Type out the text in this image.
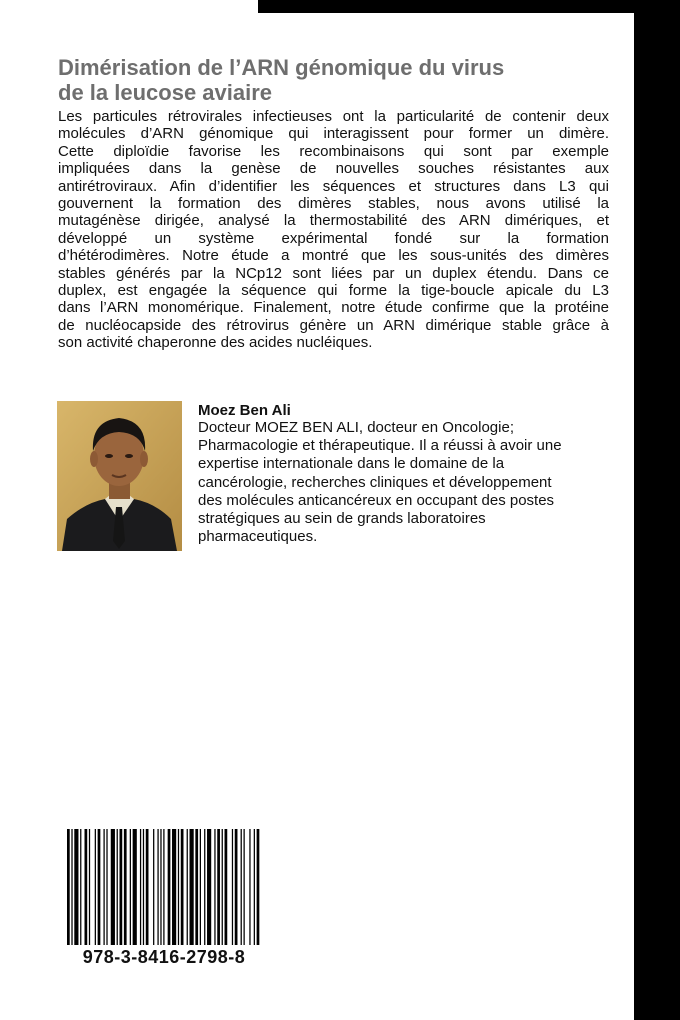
Dimérisation de l’ARN génomique du virus
de la leucose aviaire
Les particules rétrovirales infectieuses ont la particularité de contenir deux
molécules d’ARN génomique qui interagissent pour former un dimère.
Cette diploïdie favorise les recombinaisons qui sont par exemple
impliquées dans la genèse de nouvelles souches résistantes aux
antirétroviraux. Afin d’identifier les séquences et structures dans L3 qui
gouvernent la formation des dimères stables, nous avons utilisé la
mutagénèse dirigée, analysé la thermostabilité des ARN dimériques, et
développé un système expérimental fondé sur la formation
d’hétérodimères. Notre étude a montré que les sous-unités des dimères
stables générés par la NCp12 sont liées par un duplex étendu. Dans ce
duplex, est engagée la séquence qui forme la tige-boucle apicale du L3
dans l’ARN monomérique. Finalement, notre étude confirme que la protéine
de nucléocapside des rétrovirus génère un ARN dimérique stable grâce à
son activité chaperonne des acides nucléiques.
Moez Ben Ali
Docteur MOEZ BEN ALI, docteur en Oncologie;
Pharmacologie et thérapeutique. Il a réussi à avoir une
expertise internationale dans le domaine de la
cancérologie, recherches cliniques et développement
des molécules anticancéreux en occupant des postes
stratégiques au sein de grands laboratoires
pharmaceutiques.
978-3-8416-2798-8
